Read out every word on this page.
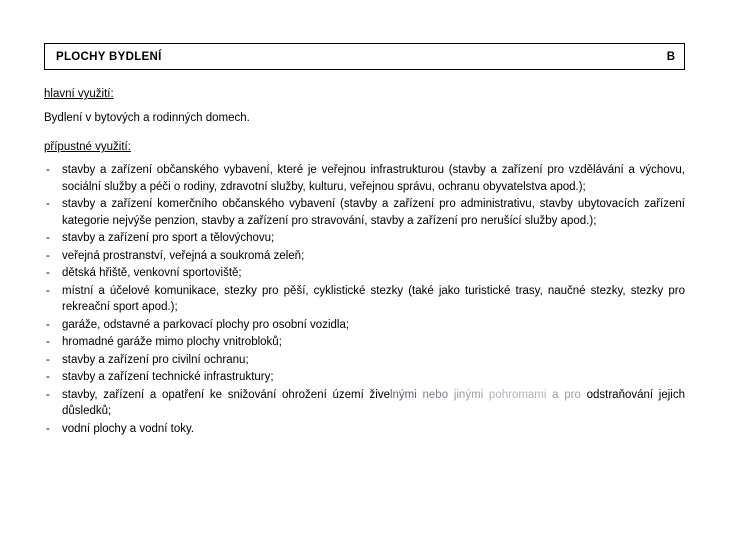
PLOCHY BYDLENÍ	B
hlavní využití:
Bydlení v bytových a rodinných domech.
přípustné využití:
- stavby a zařízení občanského vybavení, které je veřejnou infrastrukturou (stavby a zařízení pro vzdělávání a výchovu, sociální služby a péči o rodiny, zdravotní služby, kulturu, veřejnou správu, ochranu obyvatelstva apod.);
- stavby a zařízení komerčního občanského vybavení (stavby a zařízení pro administrativu, stavby ubytovacích zařízení kategorie nejvýše penzion, stavby a zařízení pro stravování, stavby a zařízení pro nerušící služby apod.);
- stavby a zařízení pro sport a tělovýchovu;
- veřejná prostranství, veřejná a soukromá zeleň;
- dětská hřiště, venkovní sportoviště;
- místní a účelové komunikace, stezky pro pěší, cyklistické stezky (také jako turistické trasy, naučné stezky, stezky pro rekreační sport apod.);
- garáže, odstavné a parkovací plochy pro osobní vozidla;
- hromadné garáže mimo plochy vnitrobloků;
- stavby a zařízení pro civilní ochranu;
- stavby a zařízení technické infrastruktury;
- stavby, zařízení a opatření ke snižování ohrožení území živelnými nebo jinými pohromami a pro odstraňování jejich důsledků;
- vodní plochy a vodní toky.
